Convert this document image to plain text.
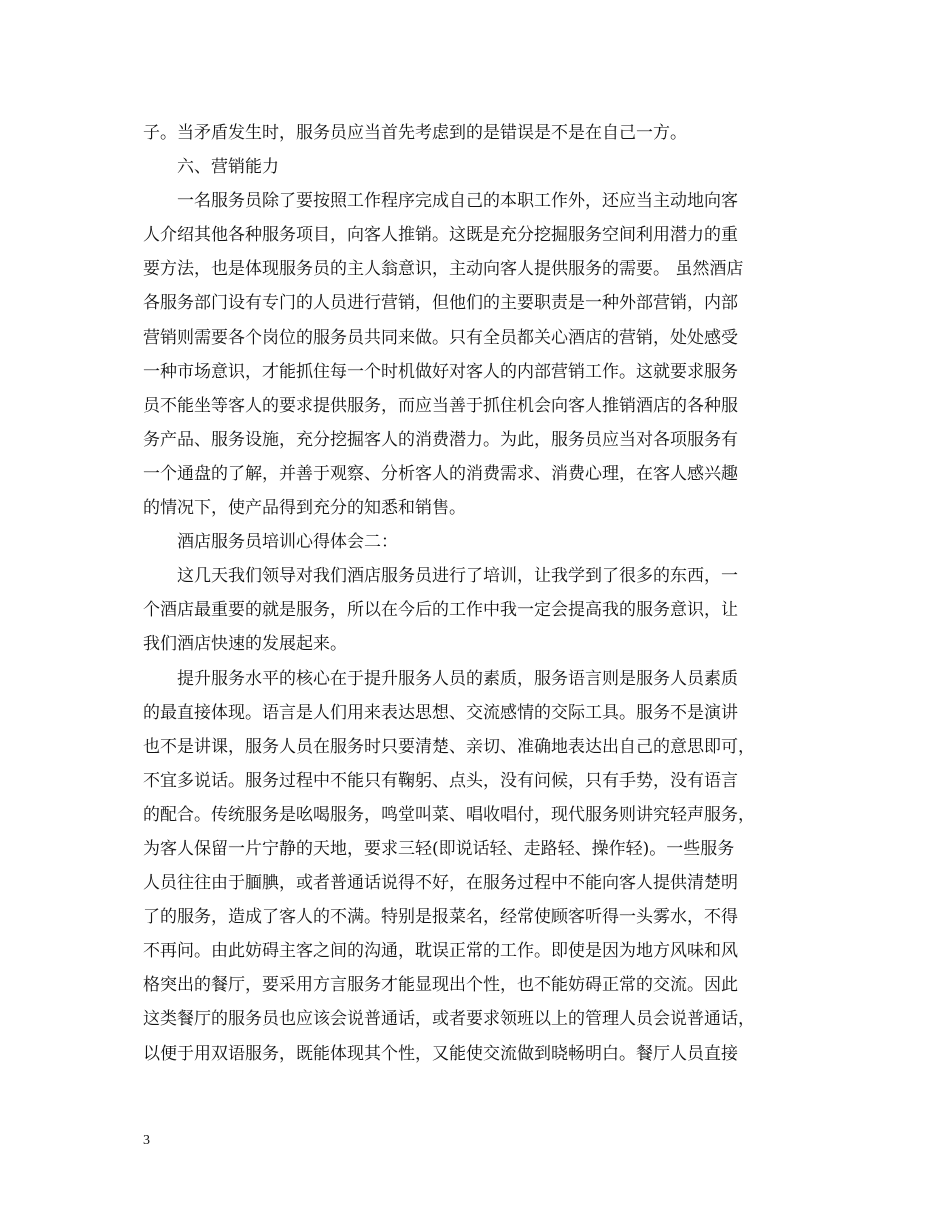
子。当矛盾发生时，服务员应当首先考虑到的是错误是不是在自己一方。
　　六、营销能力
　　一名服务员除了要按照工作程序完成自己的本职工作外，还应当主动地向客
人介绍其他各种服务项目，向客人推销。这既是充分挖掘服务空间利用潜力的重
要方法，也是体现服务员的主人翁意识，主动向客人提供服务的需要。 虽然酒店
各服务部门设有专门的人员进行营销，但他们的主要职责是一种外部营销，内部
营销则需要各个岗位的服务员共同来做。只有全员都关心酒店的营销，处处感受
一种市场意识，才能抓住每一个时机做好对客人的内部营销工作。这就要求服务
员不能坐等客人的要求提供服务，而应当善于抓住机会向客人推销酒店的各种服
务产品、服务设施，充分挖掘客人的消费潜力。为此，服务员应当对各项服务有
一个通盘的了解，并善于观察、分析客人的消费需求、消费心理，在客人感兴趣
的情况下，使产品得到充分的知悉和销售。
　　酒店服务员培训心得体会二：
　　这几天我们领导对我们酒店服务员进行了培训，让我学到了很多的东西，一
个酒店最重要的就是服务，所以在今后的工作中我一定会提高我的服务意识，让
我们酒店快速的发展起来。
　　提升服务水平的核心在于提升服务人员的素质，服务语言则是服务人员素质
的最直接体现。语言是人们用来表达思想、交流感情的交际工具。服务不是演讲
也不是讲课，服务人员在服务时只要清楚、亲切、准确地表达出自己的意思即可，
不宜多说话。服务过程中不能只有鞠躬、点头，没有问候，只有手势，没有语言
的配合。传统服务是吆喝服务，鸣堂叫菜、唱收唱付，现代服务则讲究轻声服务，
为客人保留一片宁静的天地，要求三轻(即说话轻、走路轻、操作轻)。一些服务
人员往往由于腼腆，或者普通话说得不好，在服务过程中不能向客人提供清楚明
了的服务，造成了客人的不满。特别是报菜名，经常使顾客听得一头雾水，不得
不再问。由此妨碍主客之间的沟通，耽误正常的工作。即使是因为地方风味和风
格突出的餐厅，要采用方言服务才能显现出个性，也不能妨碍正常的交流。因此
这类餐厅的服务员也应该会说普通话，或者要求领班以上的管理人员会说普通话，
以便于用双语服务，既能体现其个性，又能使交流做到晓畅明白。餐厅人员直接
3
